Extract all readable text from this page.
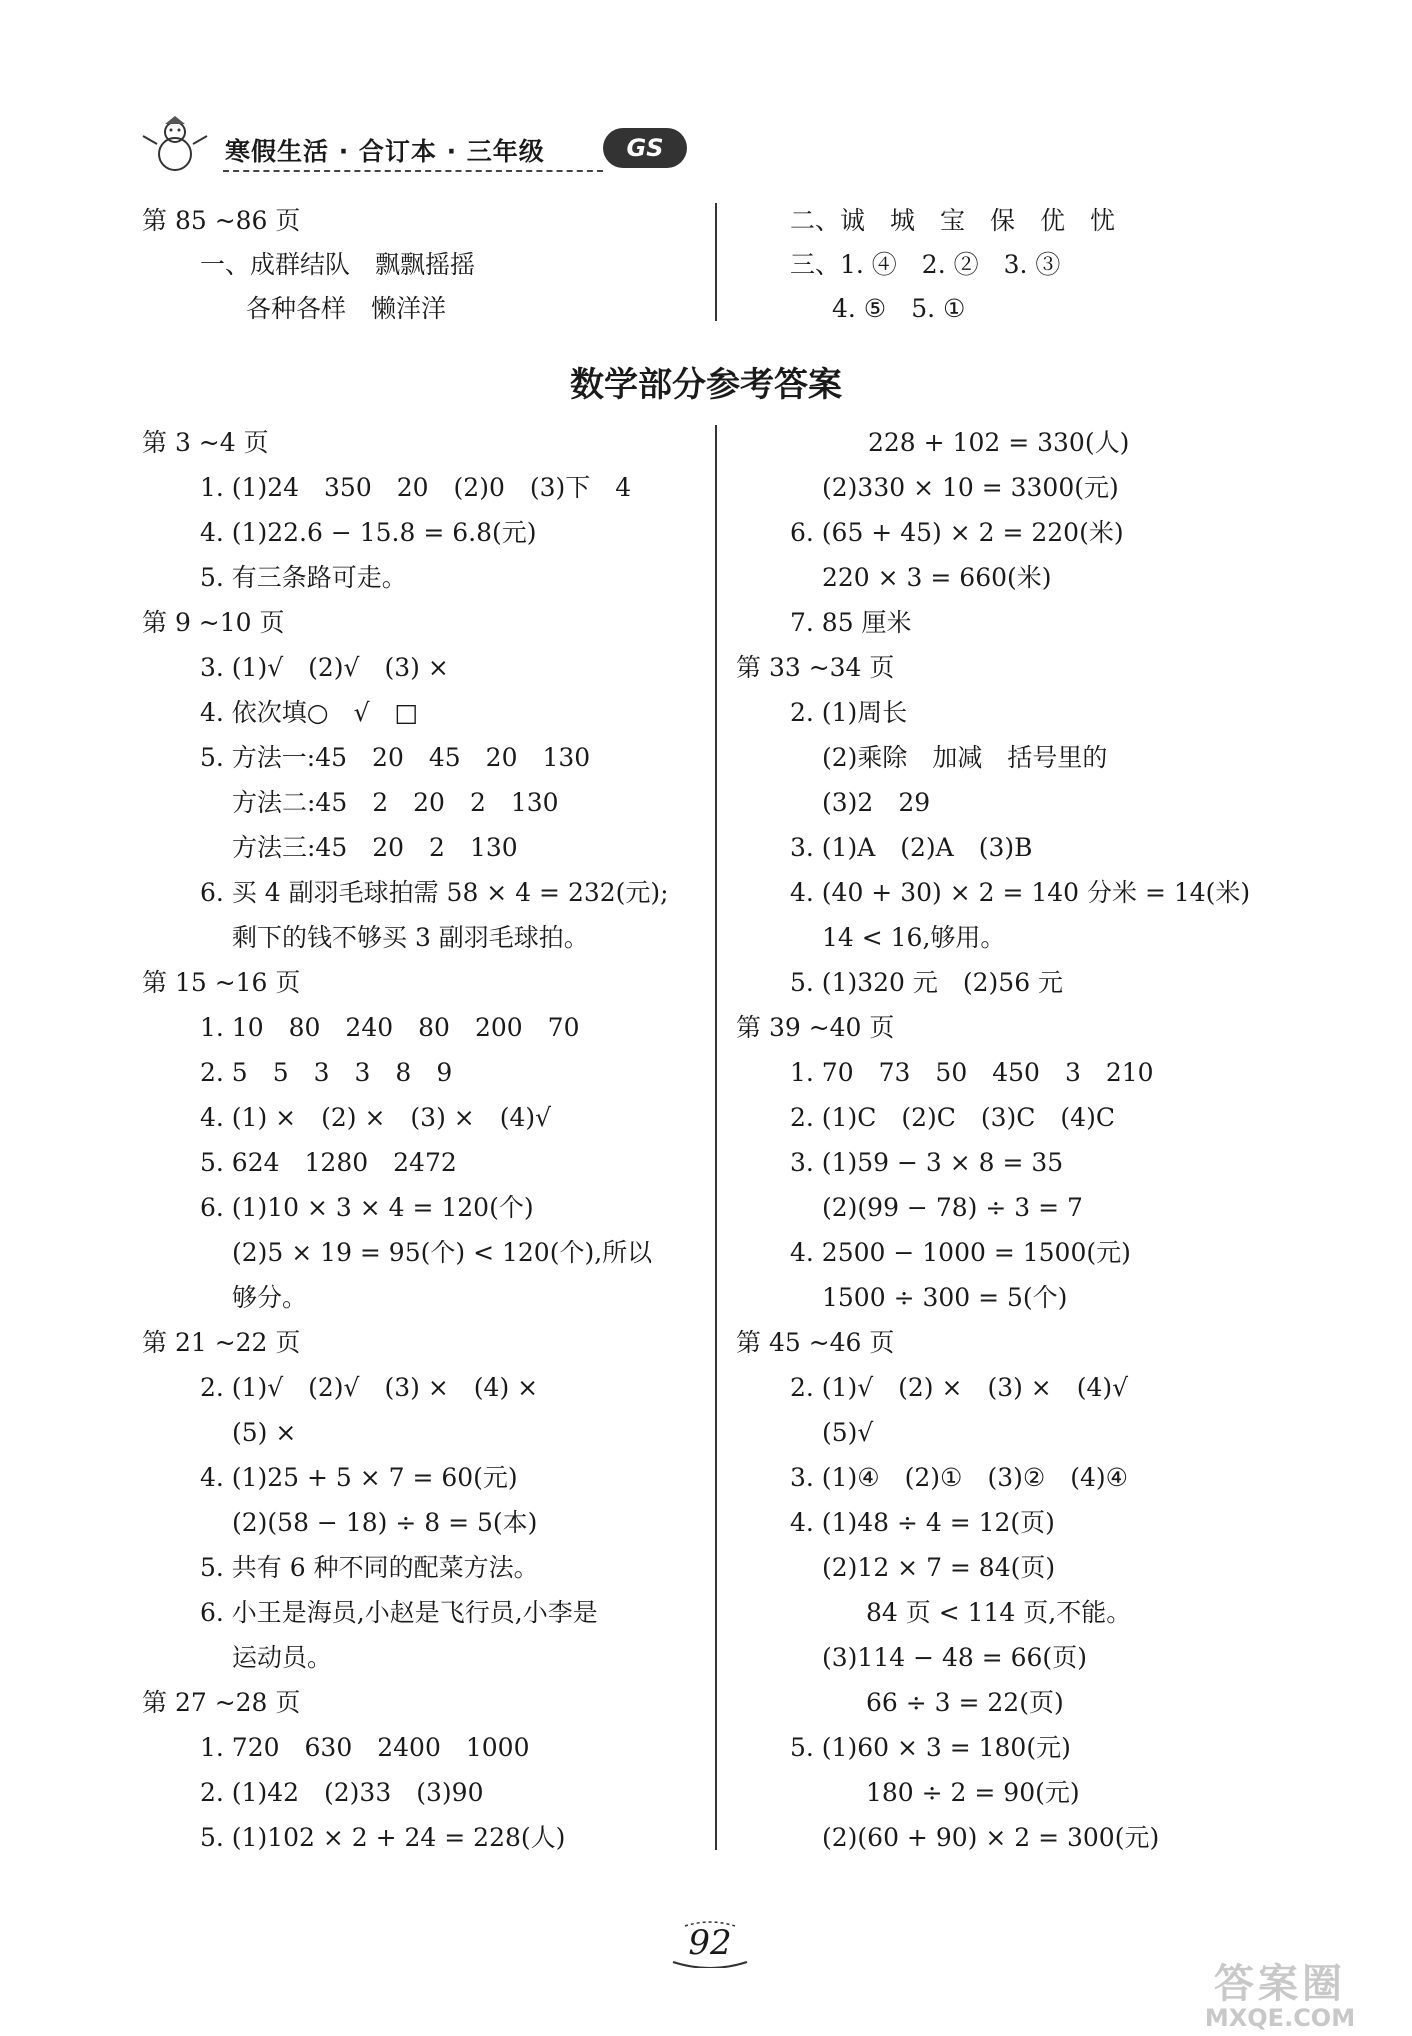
寒假生活 · 合订本 · 三年级	GS
第 85 ~86 页
一、成群结队　飘飘摇摇
各种各样　懒洋洋
二、诚　城　宝　保　优　忧
三、1. ④　2. ②　3. ③
4. ⑤　5. ①
数学部分参考答案
第 3 ~4 页
1. (1)24　350　20　(2)0　(3)下　4
4. (1)22.6 − 15.8 = 6.8(元)
5. 有三条路可走。
第 9 ~10 页
3. (1)√　(2)√　(3) ×
4. 依次填○　√　□
5. 方法一:45　20　45　20　130
方法二:45　2　20　2　130
方法三:45　20　2　130
6. 买 4 副羽毛球拍需 58 × 4 = 232(元);
剩下的钱不够买 3 副羽毛球拍。
第 15 ~16 页
1. 10　80　240　80　200　70
2. 5　5　3　3　8　9
4. (1) ×　(2) ×　(3) ×　(4)√
5. 624　1280　2472
6. (1)10 × 3 × 4 = 120(个)
(2)5 × 19 = 95(个) < 120(个),所以
够分。
第 21 ~22 页
2. (1)√　(2)√　(3) ×　(4) ×
(5) ×
4. (1)25 + 5 × 7 = 60(元)
(2)(58 − 18) ÷ 8 = 5(本)
5. 共有 6 种不同的配菜方法。
6. 小王是海员,小赵是飞行员,小李是
运动员。
第 27 ~28 页
1. 720　630　2400　1000
2. (1)42　(2)33　(3)90
5. (1)102 × 2 + 24 = 228(人)
228 + 102 = 330(人)
(2)330 × 10 = 3300(元)
6. (65 + 45) × 2 = 220(米)
220 × 3 = 660(米)
7. 85 厘米
第 33 ~34 页
2. (1)周长
(2)乘除　加减　括号里的
(3)2　29
3. (1)A　(2)A　(3)B
4. (40 + 30) × 2 = 140 分米 = 14(米)
14 < 16,够用。
5. (1)320 元　(2)56 元
第 39 ~40 页
1. 70　73　50　450　3　210
2. (1)C　(2)C　(3)C　(4)C
3. (1)59 − 3 × 8 = 35
(2)(99 − 78) ÷ 3 = 7
4. 2500 − 1000 = 1500(元)
1500 ÷ 300 = 5(个)
第 45 ~46 页
2. (1)√　(2) ×　(3) ×　(4)√
(5)√
3. (1)④　(2)①　(3)②　(4)④
4. (1)48 ÷ 4 = 12(页)
(2)12 × 7 = 84(页)
84 页 < 114 页,不能。
(3)114 − 48 = 66(页)
66 ÷ 3 = 22(页)
5. (1)60 × 3 = 180(元)
180 ÷ 2 = 90(元)
(2)(60 + 90) × 2 = 300(元)
92
答案圈
MXQE.COM
